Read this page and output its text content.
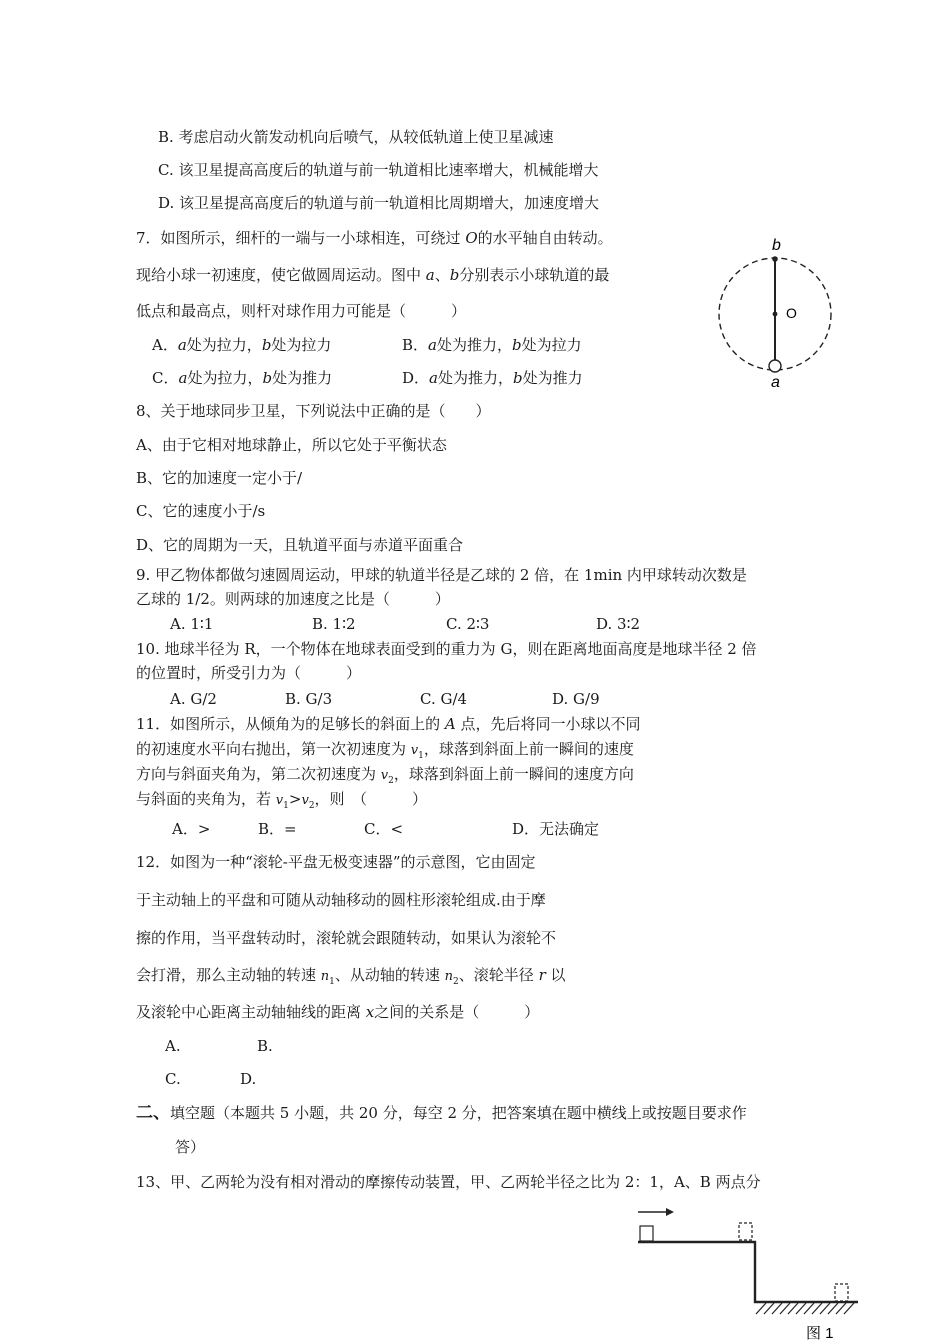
B. 考虑启动火箭发动机向后喷气，从较低轨道上使卫星减速
C. 该卫星提高高度后的轨道与前一轨道相比速率增大，机械能增大
D. 该卫星提高高度后的轨道与前一轨道相比周期增大，加速度增大
7．如图所示，细杆的一端与一小球相连，可绕过 O的水平轴自由转动。
现给小球一初速度，使它做圆周运动。图中 a、b分别表示小球轨道的最
低点和最高点，则杆对球作用力可能是（　　　）
A．a处为拉力，b处为拉力	B．a处为推力，b处为拉力
C．a处为拉力，b处为推力	D．a处为推力，b处为推力
b
O
a
8、关于地球同步卫星，下列说法中正确的是（　　）
A、由于它相对地球静止，所以它处于平衡状态
B、它的加速度一定小于/
C、它的速度小于/s
D、它的周期为一天，且轨道平面与赤道平面重合
9. 甲乙物体都做匀速圆周运动，甲球的轨道半径是乙球的 2 倍，在 1min 内甲球转动次数是
乙球的 1/2。则两球的加速度之比是（　　　）
A. 1∶1	B. 1∶2	C. 2∶3	D. 3∶2
10. 地球半径为 R，一个物体在地球表面受到的重力为 G，则在距离地面高度是地球半径 2 倍
的位置时，所受引力为（　　　）
A. G/2	B. G/3	C. G/4	D. G/9
11．如图所示，从倾角为的足够长的斜面上的 A 点，先后将同一小球以不同
的初速度水平向右抛出，第一次初速度为 $v_1$，球落到斜面上前一瞬间的速度
方向与斜面夹角为，第二次初速度为 $v_2$，球落到斜面上前一瞬间的速度方向
与斜面的夹角为，若 $v_1>v_2$，则　（　　　）
A．>	B．=	C．<	D．无法确定
12．如图为一种“滚轮-平盘无极变速器”的示意图，它由固定
于主动轴上的平盘和可随从动轴移动的圆柱形滚轮组成.由于摩
擦的作用，当平盘转动时，滚轮就会跟随转动，如果认为滚轮不
会打滑，那么主动轴的转速 $n_1$、从动轴的转速 $n_2$、滚轮半径 r 以
及滚轮中心距离主动轴轴线的距离 x之间的关系是（　　　）
A.	B.
C.	D.
二、填空题（本题共 5 小题，共 20 分，每空 2 分，把答案填在题中横线上或按题目要求作
答）
13、甲、乙两轮为没有相对滑动的摩擦传动装置，甲、乙两轮半径之比为 2：1，A、B 两点分
图 1
